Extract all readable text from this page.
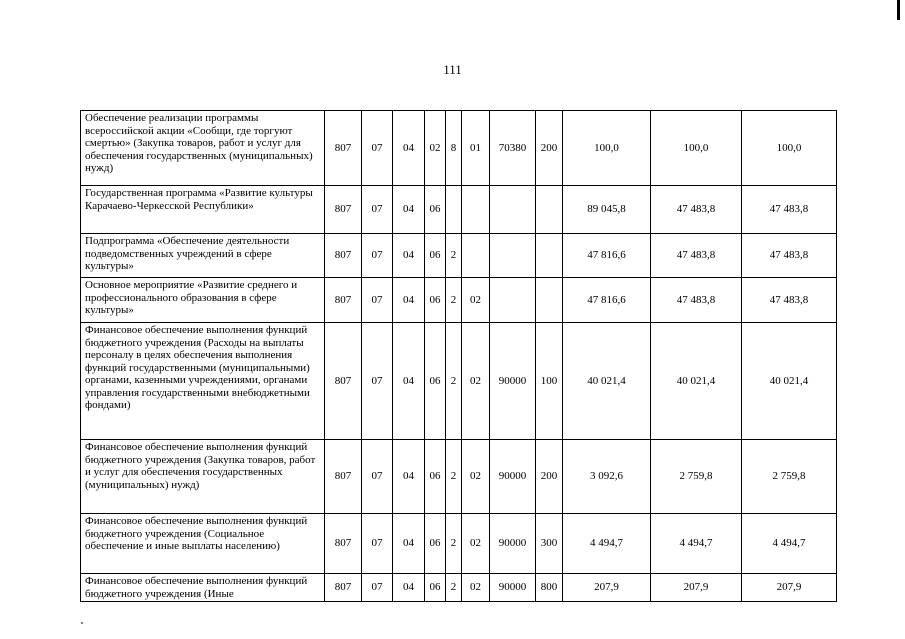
111
Обеспечение реализации программы всероссийской акции «Сообщи, где торгуют смертью» (Закупка товаров, работ и услуг для обеспечения государственных (муниципальных) нужд)	807	07	04	02	8	01	70380	200	100,0	100,0	100,0
Государственная программа «Развитие культуры Карачаево-Черкесской Республики»	807	07	04	06					89 045,8	47 483,8	47 483,8
Подпрограмма «Обеспечение деятельности подведомственных учреждений в сфере культуры»	807	07	04	06	2				47 816,6	47 483,8	47 483,8
Основное мероприятие «Развитие среднего и профессионального образования в сфере культуры»	807	07	04	06	2	02			47 816,6	47 483,8	47 483,8
Финансовое обеспечение выполнения функций бюджетного учреждения (Расходы на выплаты персоналу в целях обеспечения выполнения функций государственными (муниципальными) органами, казенными учреждениями, органами управления государственными внебюджетными фондами)	807	07	04	06	2	02	90000	100	40 021,4	40 021,4	40 021,4
Финансовое обеспечение выполнения функций бюджетного учреждения (Закупка товаров, работ и услуг для обеспечения государственных (муниципальных) нужд)	807	07	04	06	2	02	90000	200	3 092,6	2 759,8	2 759,8
Финансовое обеспечение выполнения функций бюджетного учреждения (Социальное обеспечение и иные выплаты населению)	807	07	04	06	2	02	90000	300	4 494,7	4 494,7	4 494,7
Финансовое обеспечение выполнения функций бюджетного учреждения (Иные	807	07	04	06	2	02	90000	800	207,9	207,9	207,9
